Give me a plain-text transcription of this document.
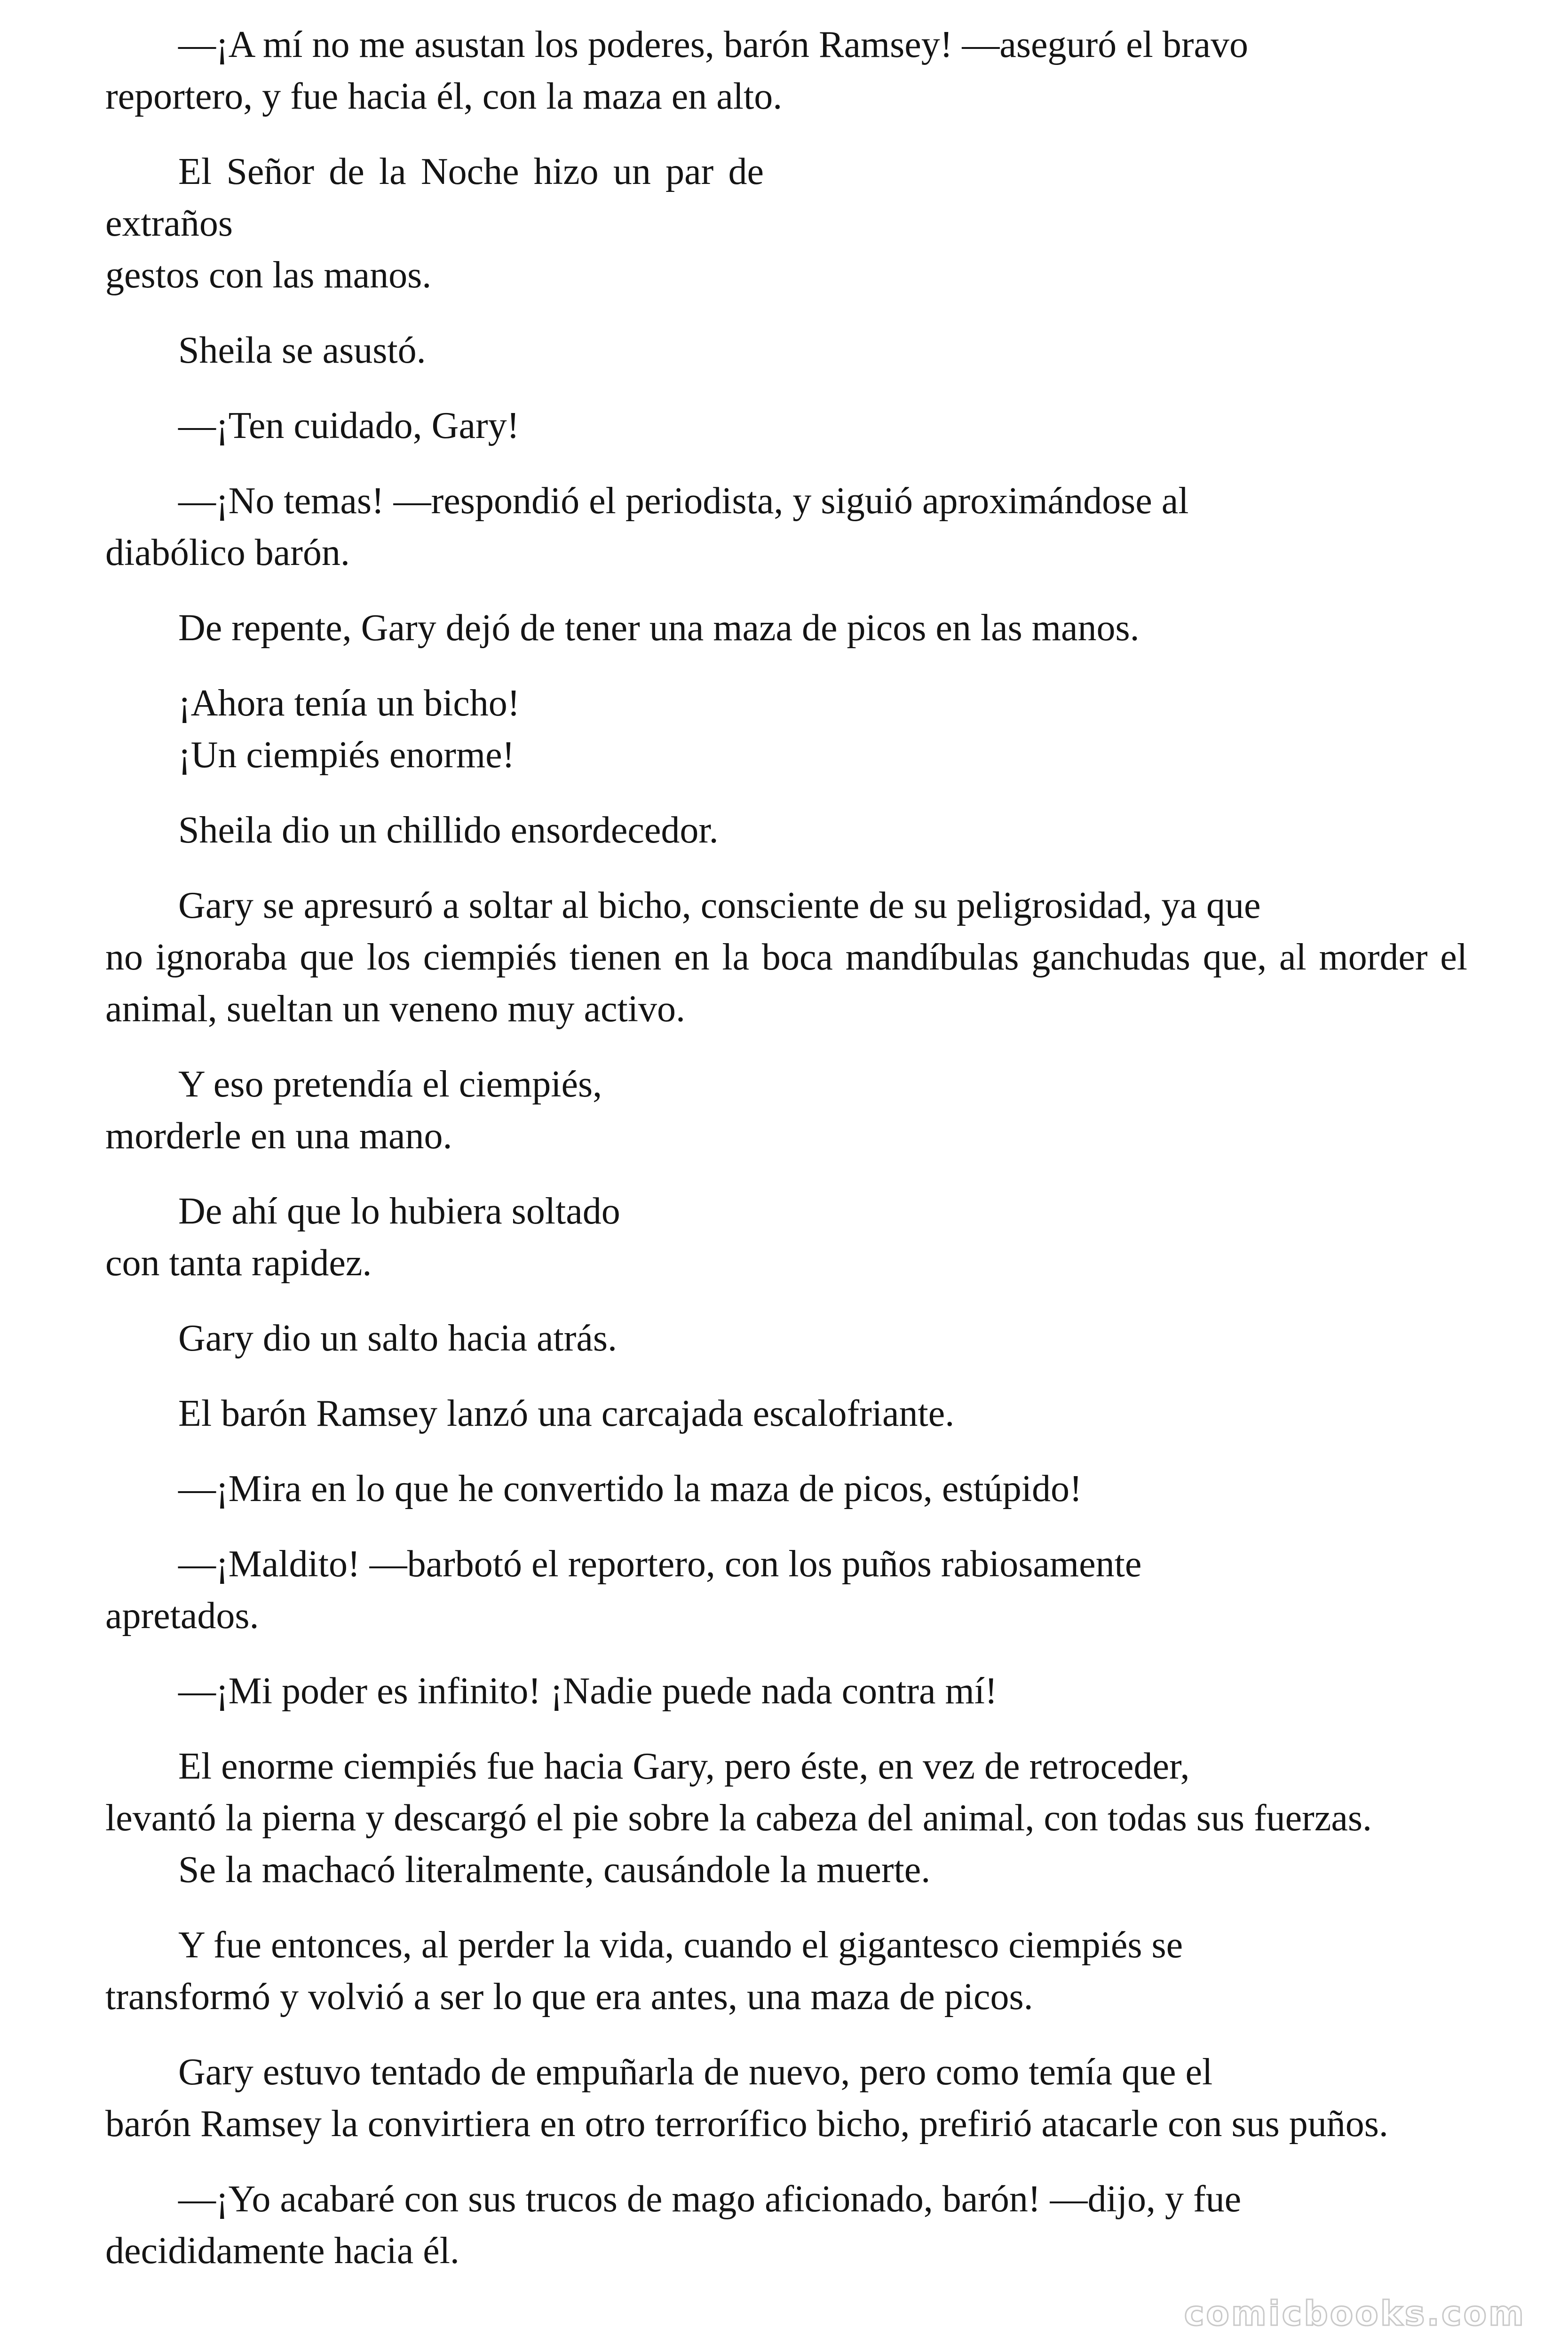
—¡A mí no me asustan los poderes, barón Ramsey! —aseguró el bravo
reportero, y fue hacia él, con la maza en alto.

El Señor de la Noche hizo un par de extraños
gestos con las manos.

Sheila se asustó.

—¡Ten cuidado, Gary!

—¡No temas! —respondió el periodista, y siguió aproximándose al
diabólico barón.

De repente, Gary dejó de tener una maza de picos en las manos.

¡Ahora tenía un bicho!
¡Un ciempiés enorme!

Sheila dio un chillido ensordecedor.

Gary se apresuró a soltar al bicho, consciente de su peligrosidad, ya que
no ignoraba que los ciempiés tienen en la boca mandíbulas ganchudas que, al morder el animal, sueltan un veneno muy activo.

Y eso pretendía el ciempiés,
morderle en una mano.

De ahí que lo hubiera soltado
con tanta rapidez.

Gary dio un salto hacia atrás.

El barón Ramsey lanzó una carcajada escalofriante.

—¡Mira en lo que he convertido la maza de picos, estúpido!

—¡Maldito! —barbotó el reportero, con los puños rabiosamente
apretados.

—¡Mi poder es infinito! ¡Nadie puede nada contra mí!

El enorme ciempiés fue hacia Gary, pero éste, en vez de retroceder,
levantó la pierna y descargó el pie sobre la cabeza del animal, con todas sus fuerzas.

Se la machacó literalmente, causándole la muerte.

Y fue entonces, al perder la vida, cuando el gigantesco ciempiés se
transformó y volvió a ser lo que era antes, una maza de picos.

Gary estuvo tentado de empuñarla de nuevo, pero como temía que el
barón Ramsey la convirtiera en otro terrorífico bicho, prefirió atacarle con sus puños.

—¡Yo acabaré con sus trucos de mago aficionado, barón! —dijo, y fue
decididamente hacia él.

comicbooks.com
